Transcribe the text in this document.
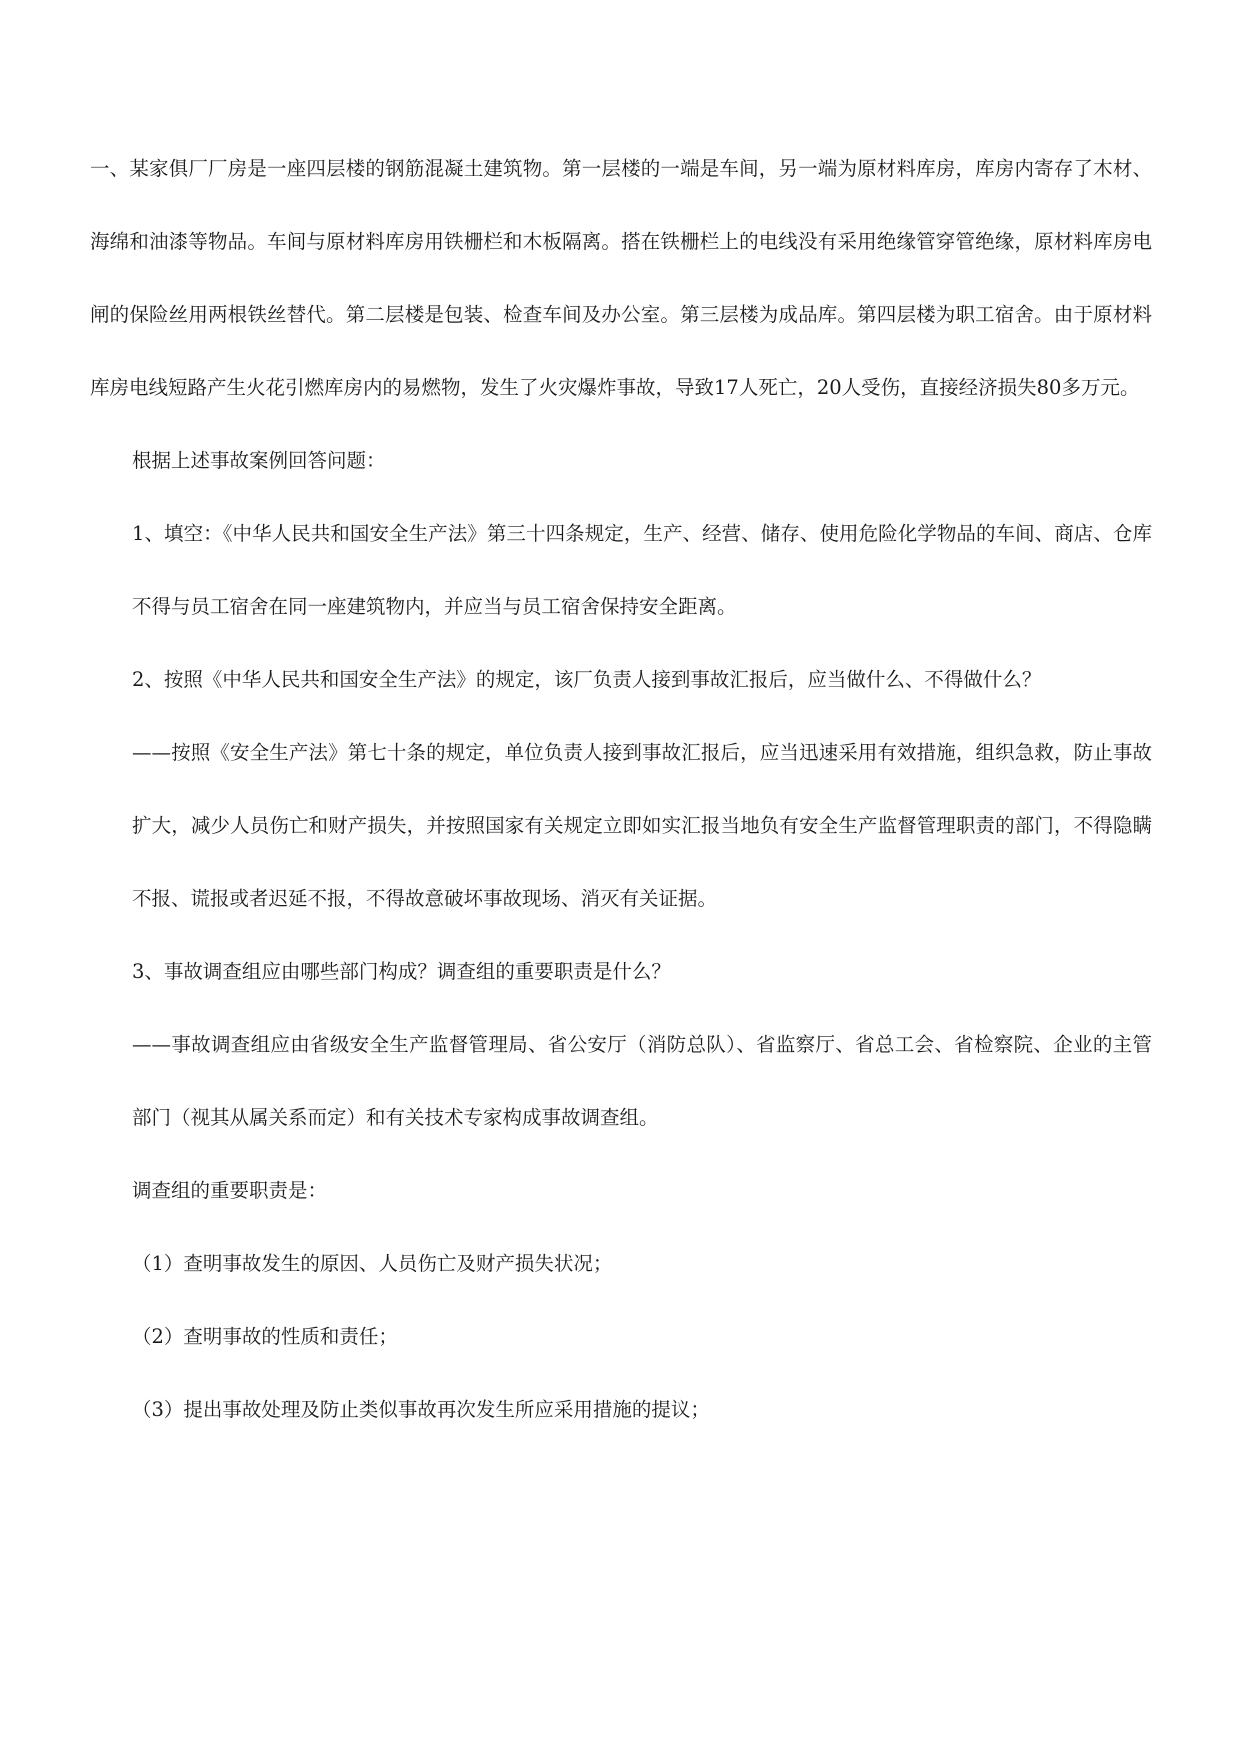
一、某家俱厂厂房是一座四层楼的钢筋混凝土建筑物。第一层楼的一端是车间，另一端为原材料库房，库房内寄存了木材、海绵和油漆等物品。车间与原材料库房用铁栅栏和木板隔离。搭在铁栅栏上的电线没有采用绝缘管穿管绝缘，原材料库房电闸的保险丝用两根铁丝替代。第二层楼是包装、检查车间及办公室。第三层楼为成品库。第四层楼为职工宿舍。由于原材料库房电线短路产生火花引燃库房内的易燃物，发生了火灾爆炸事故，导致17人死亡，20人受伤，直接经济损失80多万元。

根据上述事故案例回答问题：

1、填空：《中华人民共和国安全生产法》第三十四条规定，生产、经营、储存、使用危险化学物品的车间、商店、仓库不得与员工宿舍在同一座建筑物内，并应当与员工宿舍保持安全距离。

2、按照《中华人民共和国安全生产法》的规定，该厂负责人接到事故汇报后，应当做什么、不得做什么？

——按照《安全生产法》第七十条的规定，单位负责人接到事故汇报后，应当迅速采用有效措施，组织急救，防止事故扩大，减少人员伤亡和财产损失，并按照国家有关规定立即如实汇报当地负有安全生产监督管理职责的部门，不得隐瞒不报、谎报或者迟延不报，不得故意破坏事故现场、消灭有关证据。

3、事故调查组应由哪些部门构成？调查组的重要职责是什么？

——事故调查组应由省级安全生产监督管理局、省公安厅（消防总队）、省监察厅、省总工会、省检察院、企业的主管部门（视其从属关系而定）和有关技术专家构成事故调查组。

调查组的重要职责是：

（1）查明事故发生的原因、人员伤亡及财产损失状况；

（2）查明事故的性质和责任；

（3）提出事故处理及防止类似事故再次发生所应采用措施的提议；
